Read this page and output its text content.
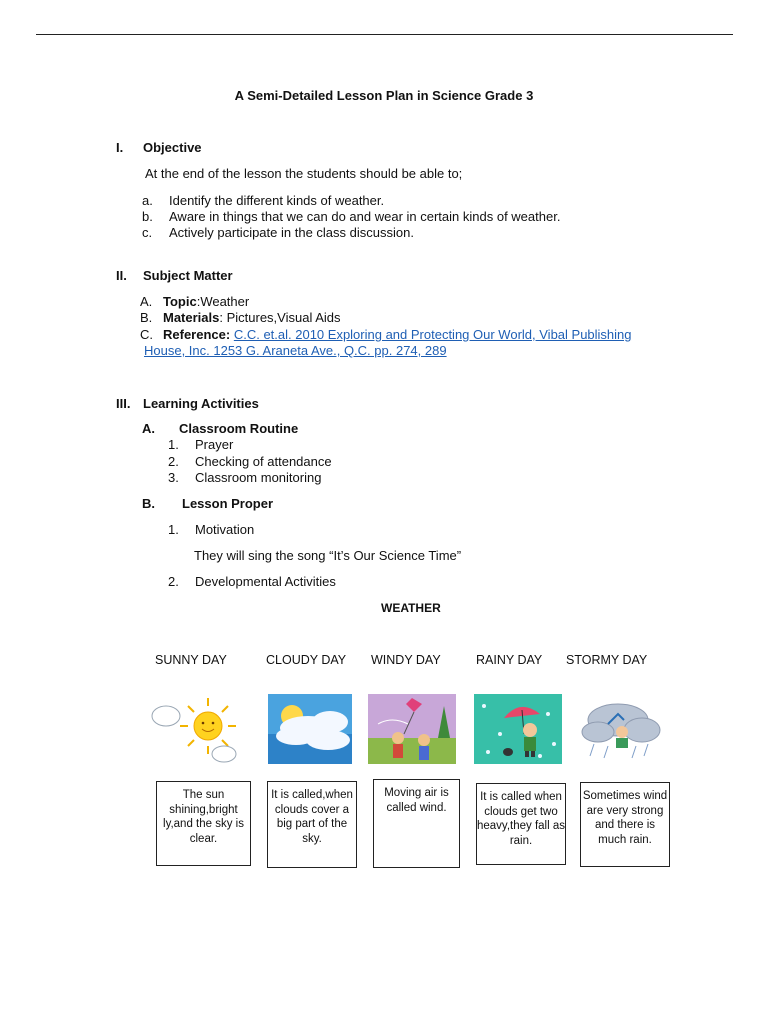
A Semi-Detailed Lesson Plan in Science Grade 3
I. Objective
At the end of the lesson the students should be able to;
a. Identify the different kinds of weather.
b. Aware in things that we can do and wear in certain kinds of weather.
c. Actively participate in the class discussion.
II. Subject Matter
A. Topic:Weather
B. Materials: Pictures,Visual Aids
C. Reference: C.C. et.al. 2010 Exploring and Protecting Our World, Vibal Publishing
House, Inc. 1253 G. Araneta Ave., Q.C. pp. 274, 289
III. Learning Activities
A. Classroom Routine
1. Prayer
2. Checking of attendance
3. Classroom monitoring
B. Lesson Proper
1. Motivation
They will sing the song “It’s Our Science Time”
2. Developmental Activities
WEATHER
SUNNY DAY	CLOUDY DAY WINDY DAY	RAINY DAY STORMY DAY
The sun shining,bright ly,and the sky is clear.
It is called,when clouds cover a big part of the sky.
Moving air is called wind.
It is called when clouds get two heavy,they fall as rain.
Sometimes wind are very strong and there is much rain.
